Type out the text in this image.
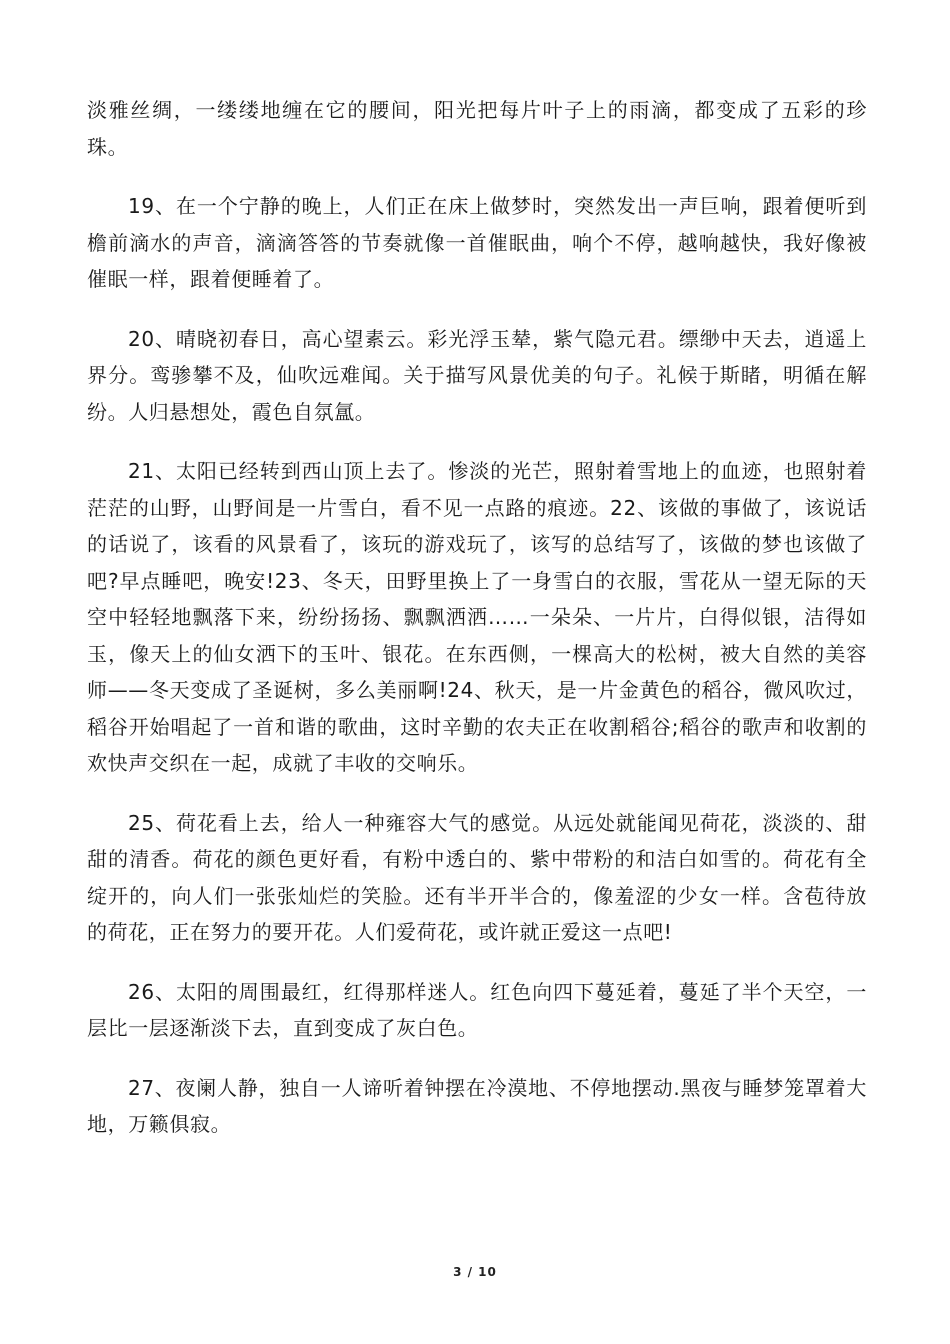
淡雅丝绸，一缕缕地缠在它的腰间，阳光把每片叶子上的雨滴，都变成了五彩的珍珠。

19、在一个宁静的晚上，人们正在床上做梦时，突然发出一声巨响，跟着便听到檐前滴水的声音，滴滴答答的节奏就像一首催眠曲，响个不停，越响越快，我好像被催眠一样，跟着便睡着了。

20、晴晓初春日，高心望素云。彩光浮玉辇，紫气隐元君。缥缈中天去，逍遥上界分。鸾骖攀不及，仙吹远难闻。关于描写风景优美的句子。礼候于斯睹，明循在解纷。人归悬想处，霞色自氛氲。

21、太阳已经转到西山顶上去了。惨淡的光芒，照射着雪地上的血迹，也照射着茫茫的山野，山野间是一片雪白，看不见一点路的痕迹。22、该做的事做了，该说话的话说了，该看的风景看了，该玩的游戏玩了，该写的总结写了，该做的梦也该做了吧?早点睡吧，晚安!23、冬天，田野里换上了一身雪白的衣服，雪花从一望无际的天空中轻轻地飘落下来，纷纷扬扬、飘飘洒洒……一朵朵、一片片，白得似银，洁得如玉，像天上的仙女洒下的玉叶、银花。在东西侧，一棵高大的松树，被大自然的美容师——冬天变成了圣诞树，多么美丽啊!24、秋天，是一片金黄色的稻谷，微风吹过，稻谷开始唱起了一首和谐的歌曲，这时辛勤的农夫正在收割稻谷;稻谷的歌声和收割的欢快声交织在一起，成就了丰收的交响乐。

25、荷花看上去，给人一种雍容大气的感觉。从远处就能闻见荷花，淡淡的、甜甜的清香。荷花的颜色更好看，有粉中透白的、紫中带粉的和洁白如雪的。荷花有全绽开的，向人们一张张灿烂的笑脸。还有半开半合的，像羞涩的少女一样。含苞待放的荷花，正在努力的要开花。人们爱荷花，或许就正爱这一点吧!

26、太阳的周围最红，红得那样迷人。红色向四下蔓延着，蔓延了半个天空，一层比一层逐渐淡下去，直到变成了灰白色。

27、夜阑人静，独自一人谛听着钟摆在冷漠地、不停地摆动.黑夜与睡梦笼罩着大地，万籁俱寂。

3 / 10
